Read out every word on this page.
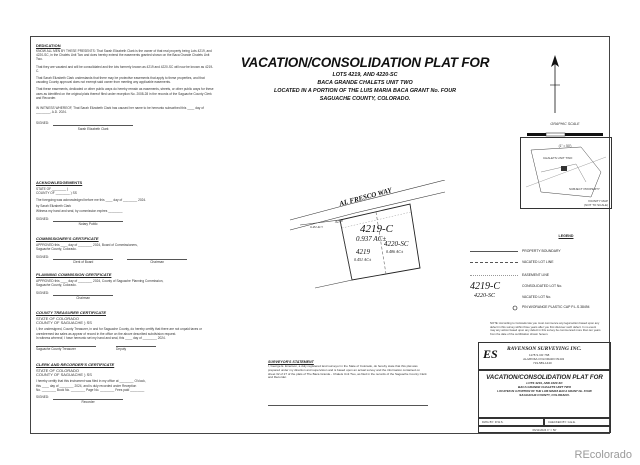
DEDICATION
KNOW ALL MEN BY THESE PRESENTS: That Sarah Elizabeth Clark is the owner of that real property being Lots 4219, and 4220-SC, in the Chalets Unit Two and does hereby extend the easements granted shown on the Baca Grande Chalets Unit Two.
That they are vacated and will be consolidated and the lots formerly known as 4219 and 4220-SC will now be known as 4219-C.
That Sarah Elizabeth Clark understands that there may be protective easements that apply to these properties, and that vacating County approval does not exempt said owner from meeting any applicable easements.
That these easements, dedicated or other public ways do hereby remain as easements, streets, or other public ways for these uses as identified on the original plats thereof filed under reception No. 2008-28 in the records of the Saguache County Clerk and Recorder.
IN WITNESS WHEREOF, That Sarah Elizabeth Clark has caused her name to be hereunto subscribed this ____ day of ________, A.D. 2024.
SIGNED:
Sarah Elizabeth Clark
ACKNOWLEDGEMENTS
STATE OF ________ )
COUNTY OF ________ ) SS
The foregoing was acknowledged before me this ____ day of ________ 2024.
by Sarah Elizabeth Clark
Witness my hand and seal, by commission expires ________
SIGNED:
Notary Public
COMMISSIONER'S CERTIFICATE
APPROVED this ____ day of ________ 2024, Board of Commissioners,
Saguache County, Colorado.
SIGNED:
Clerk of Board	Chairman
PLANNING COMMISSION CERTIFICATE
APPROVED this ____ day of ________ 2024, County of Saguache Planning Commission,
Saguache County, Colorado.
SIGNED:
Chairman
COUNTY TREASURER CERTIFICATE
STATE OF COLORADO
COUNTY OF SAGUACHE ) SS
I, the undersigned, County Treasurer, in and for Saguache County, do hereby certify that there are not unpaid taxes or unredeemed tax sales as appear of record in the office on the above described subdivision request.
In witness whereof, I have hereunto set my hand and seal, this ____ day of ________ 2024.
Saguache County Treasurer	Deputy
CLERK AND RECORDER'S CERTIFICATE
STATE OF COLORADO
COUNTY OF SAGUACHE ) SS
I hereby certify that this instrument was filed in my office at ________ O'clock,
this ____ day of ________ 2024, and is duly recorded under Reception
No. ________ Book No. ________ Page No. ________ Fees paid ________
SIGNED:
Recorder
VACATION/CONSOLIDATION PLAT FOR
LOTS 4219, AND 4220-SC
BACA GRANDE CHALETS UNIT TWO
LOCATED IN A PORTION OF THE LUIS MARIA BACA GRANT No. FOUR
SAGUACHE COUNTY, COLORADO.
AL FRESCO WAY
4219-C
0.937 AC±
4219
0.451 AC±
4220-SC
0.486 AC±
4218
0.432 AC±
GRAPHIC SCALE
(1" = 50')
CHALETS UNIT TWO
SUBJECT PROPERTY
VICINITY MAP
(NOT TO SCALE)
LEGEND
PROPERTY BOUNDARY
VACATED LOT LINE
EASEMENT LINE
4219-C	CONSOLIDATED LOT No.
4220-SC	VACATED LOT No.
PIN W/ORANGE PLASTIC CAP P.L.S.38494
NOTE: According to Colorado law you must commence any legal action based upon any defect in this survey within three years after you first discover such defect. In no event may any action based upon any defect in this survey be commenced more than ten years from the date of the certification shown hereon.
SURVEYOR'S STATEMENT
I, George E. Emerson, a duly registered land surveyor in the State of Colorado, do hereby state that this plat was prepared under my direction and supervision and is based upon an actual survey and the information contained on sheet 32 of 27 of the plats of The Baca Grande - Chalets Unit Two, as filed in the records of the Saguache County Clerk and Recorder.
ES RAVENSON SURVEYING INC.
1178 S.CR 768
ALAMOSA COLORADO 81101
719-589-1440
VACATION/CONSOLIDATION PLAT FOR
LOTS 4219, AND 4220-SC
BACA GRANDE CHALETS UNIT TWO
LOCATED IN A PORTION OF THE LUIS MARIA BACA GRANT No. FOUR
SAGUACHE COUNTY, COLORADO.
DWG BY: R.W.S.	CHECKED BY: G.E.E.
06/11/2024 1" = 50'
REcolorado
